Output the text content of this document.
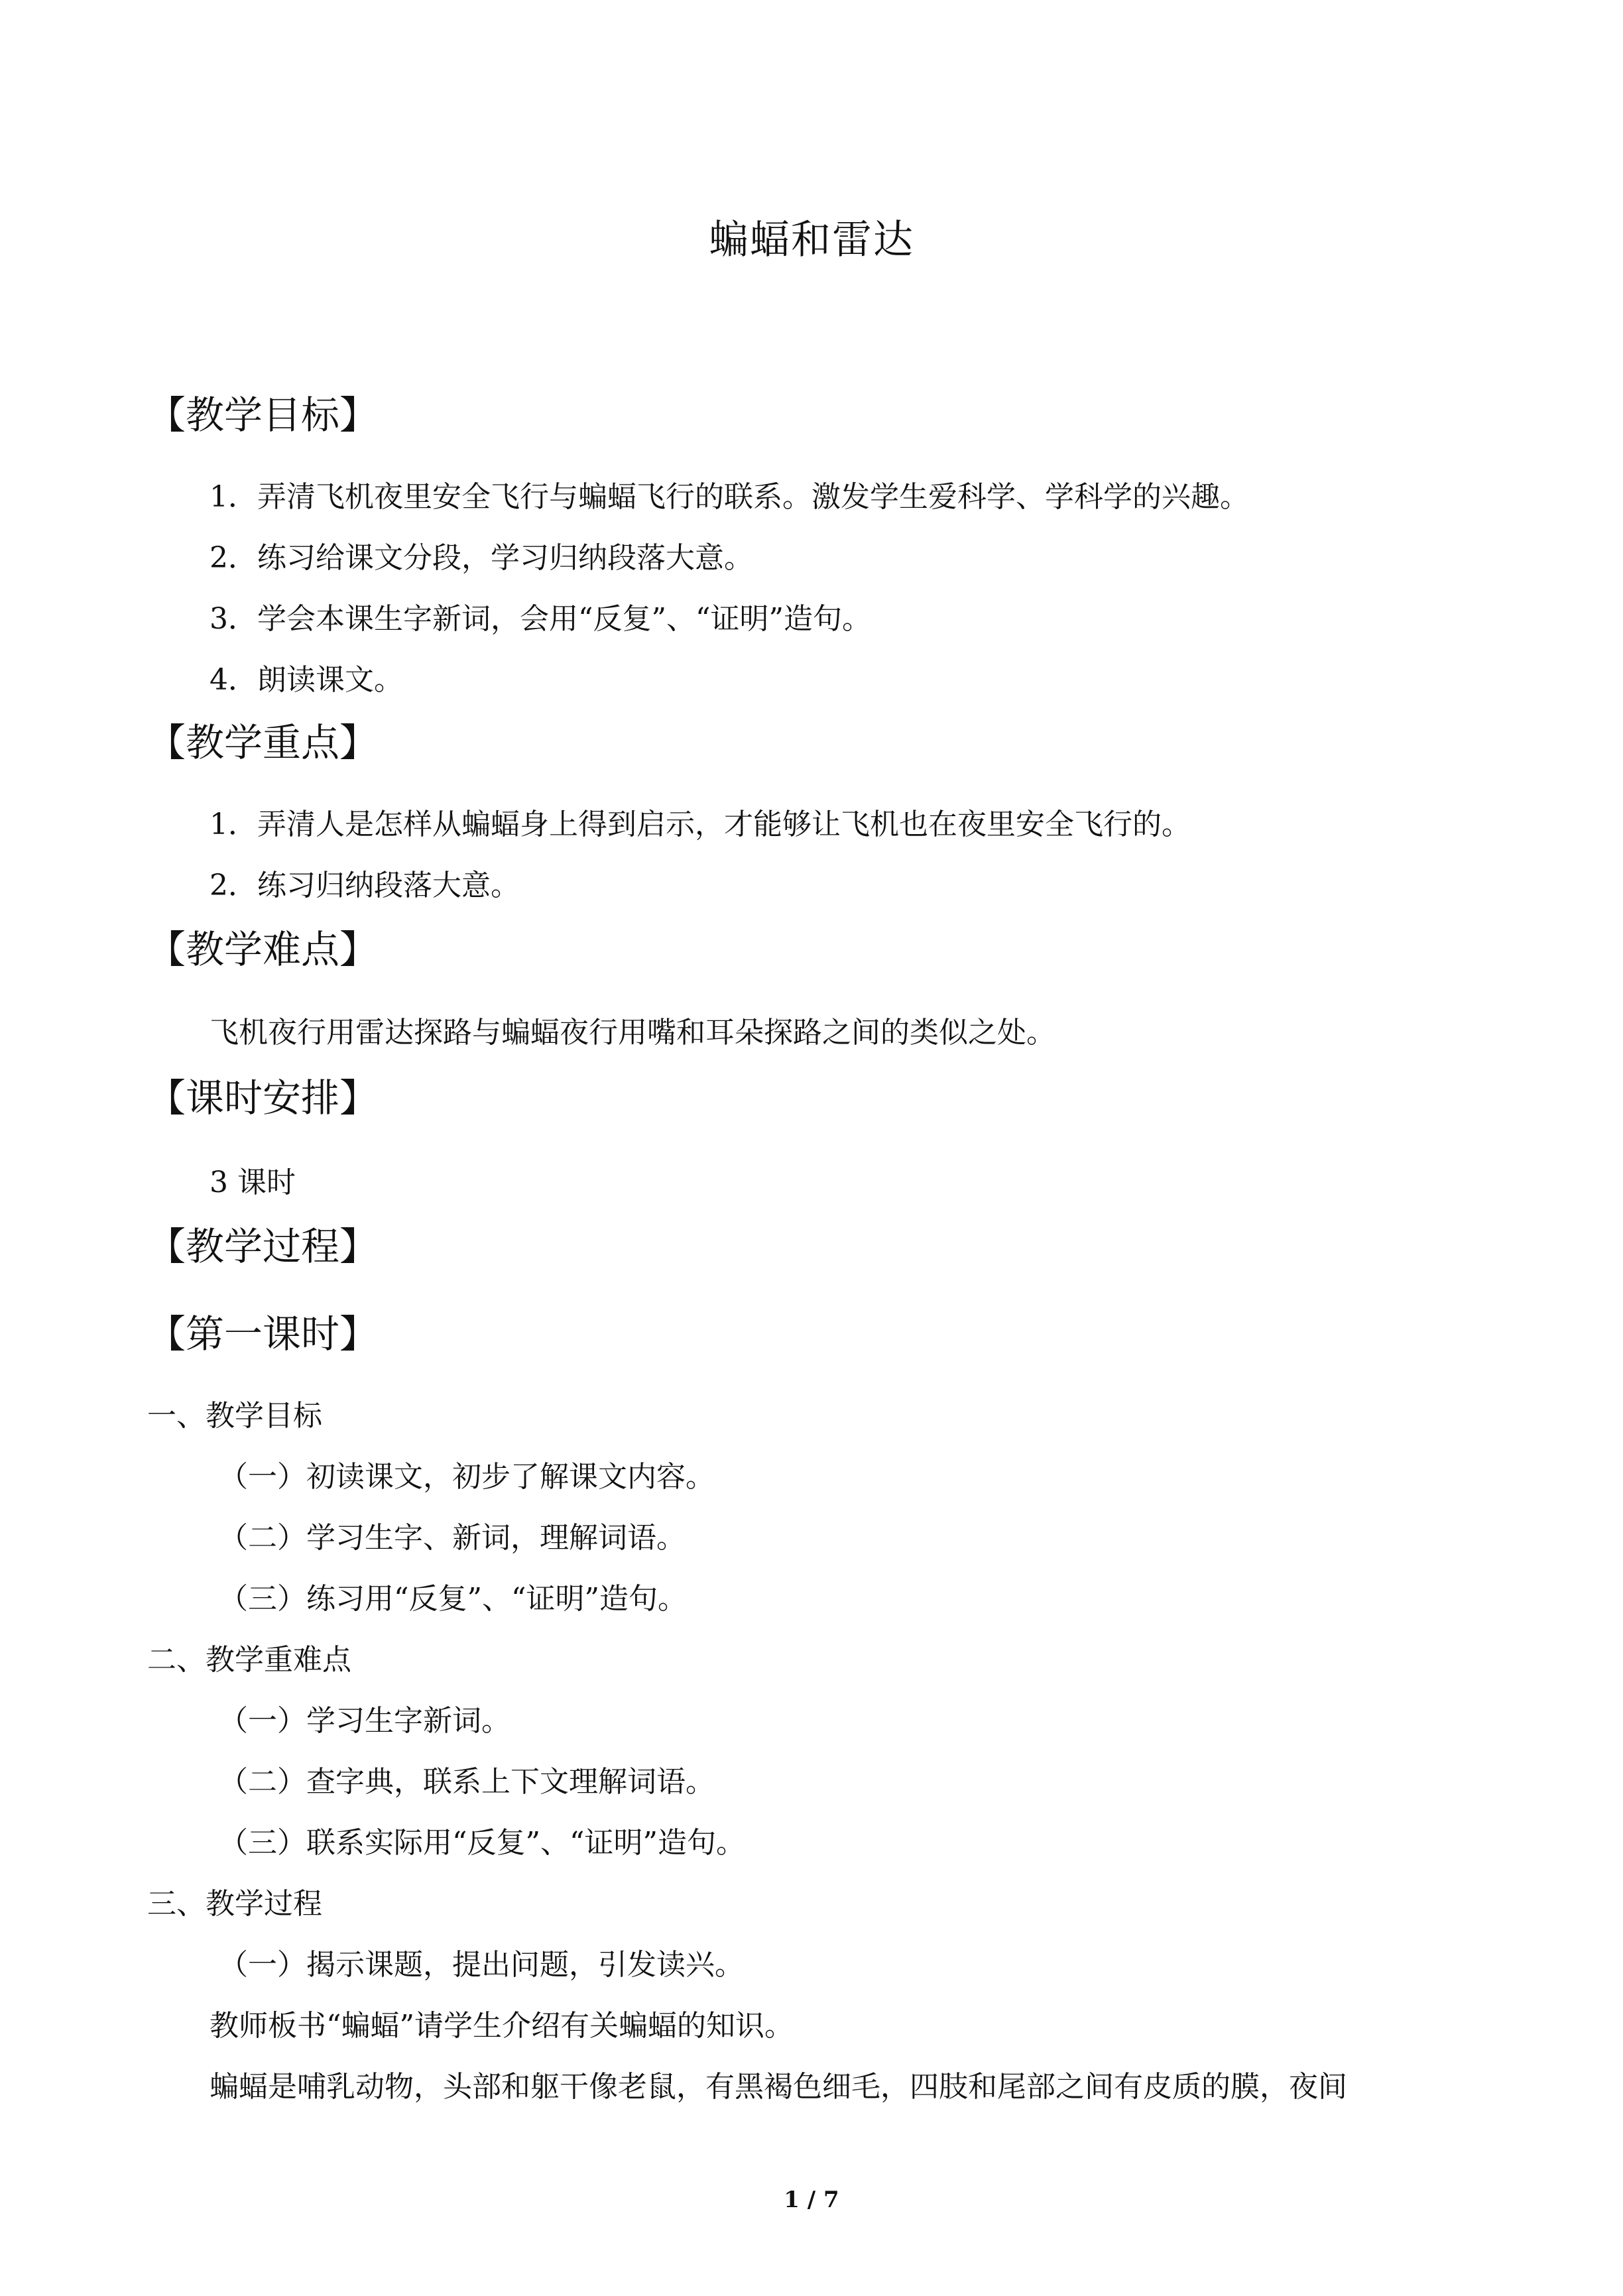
蝙蝠和雷达
【教学目标】
1．弄清飞机夜里安全飞行与蝙蝠飞行的联系。激发学生爱科学、学科学的兴趣。
2．练习给课文分段，学习归纳段落大意。
3．学会本课生字新词，会用“反复”、“证明”造句。
4．朗读课文。
【教学重点】
1．弄清人是怎样从蝙蝠身上得到启示，才能够让飞机也在夜里安全飞行的。
2．练习归纳段落大意。
【教学难点】
飞机夜行用雷达探路与蝙蝠夜行用嘴和耳朵探路之间的类似之处。
【课时安排】
3 课时
【教学过程】
【第一课时】
一、教学目标
（一）初读课文，初步了解课文内容。
（二）学习生字、新词，理解词语。
（三）练习用“反复”、“证明”造句。
二、教学重难点
（一）学习生字新词。
（二）查字典，联系上下文理解词语。
（三）联系实际用“反复”、“证明”造句。
三、教学过程
（一）揭示课题，提出问题，引发读兴。
教师板书“蝙蝠”请学生介绍有关蝙蝠的知识。
蝙蝠是哺乳动物，头部和躯干像老鼠，有黑褐色细毛，四肢和尾部之间有皮质的膜，夜间
1 / 7
